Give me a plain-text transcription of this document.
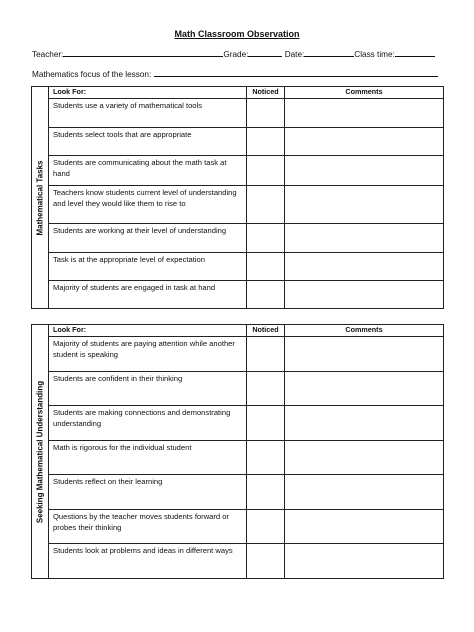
Math Classroom Observation
Teacher:	Grade:	Date:	Class time:
Mathematics focus of the lesson:
Mathematical Tasks	Look For:	Noticed	Comments
	Students use a variety of mathematical tools		
	Students select tools that are appropriate		
	Students are communicating about the math task at hand		
	Teachers know students current level of understanding and level they would like them to rise to		
	Students are working at their level of understanding		
	Task is at the appropriate level of expectation		
	Majority of students are engaged in task at hand		
Seeking Mathematical Understanding	Look For:	Noticed	Comments
	Majority of students are paying attention while another student is speaking		
	Students are confident in their thinking		
	Students are making connections and demonstrating understanding		
	Math is rigorous for the individual student		
	Students reflect on their learning		
	Questions by the teacher moves students forward or probes their thinking		
	Students look at problems and ideas in different ways		
